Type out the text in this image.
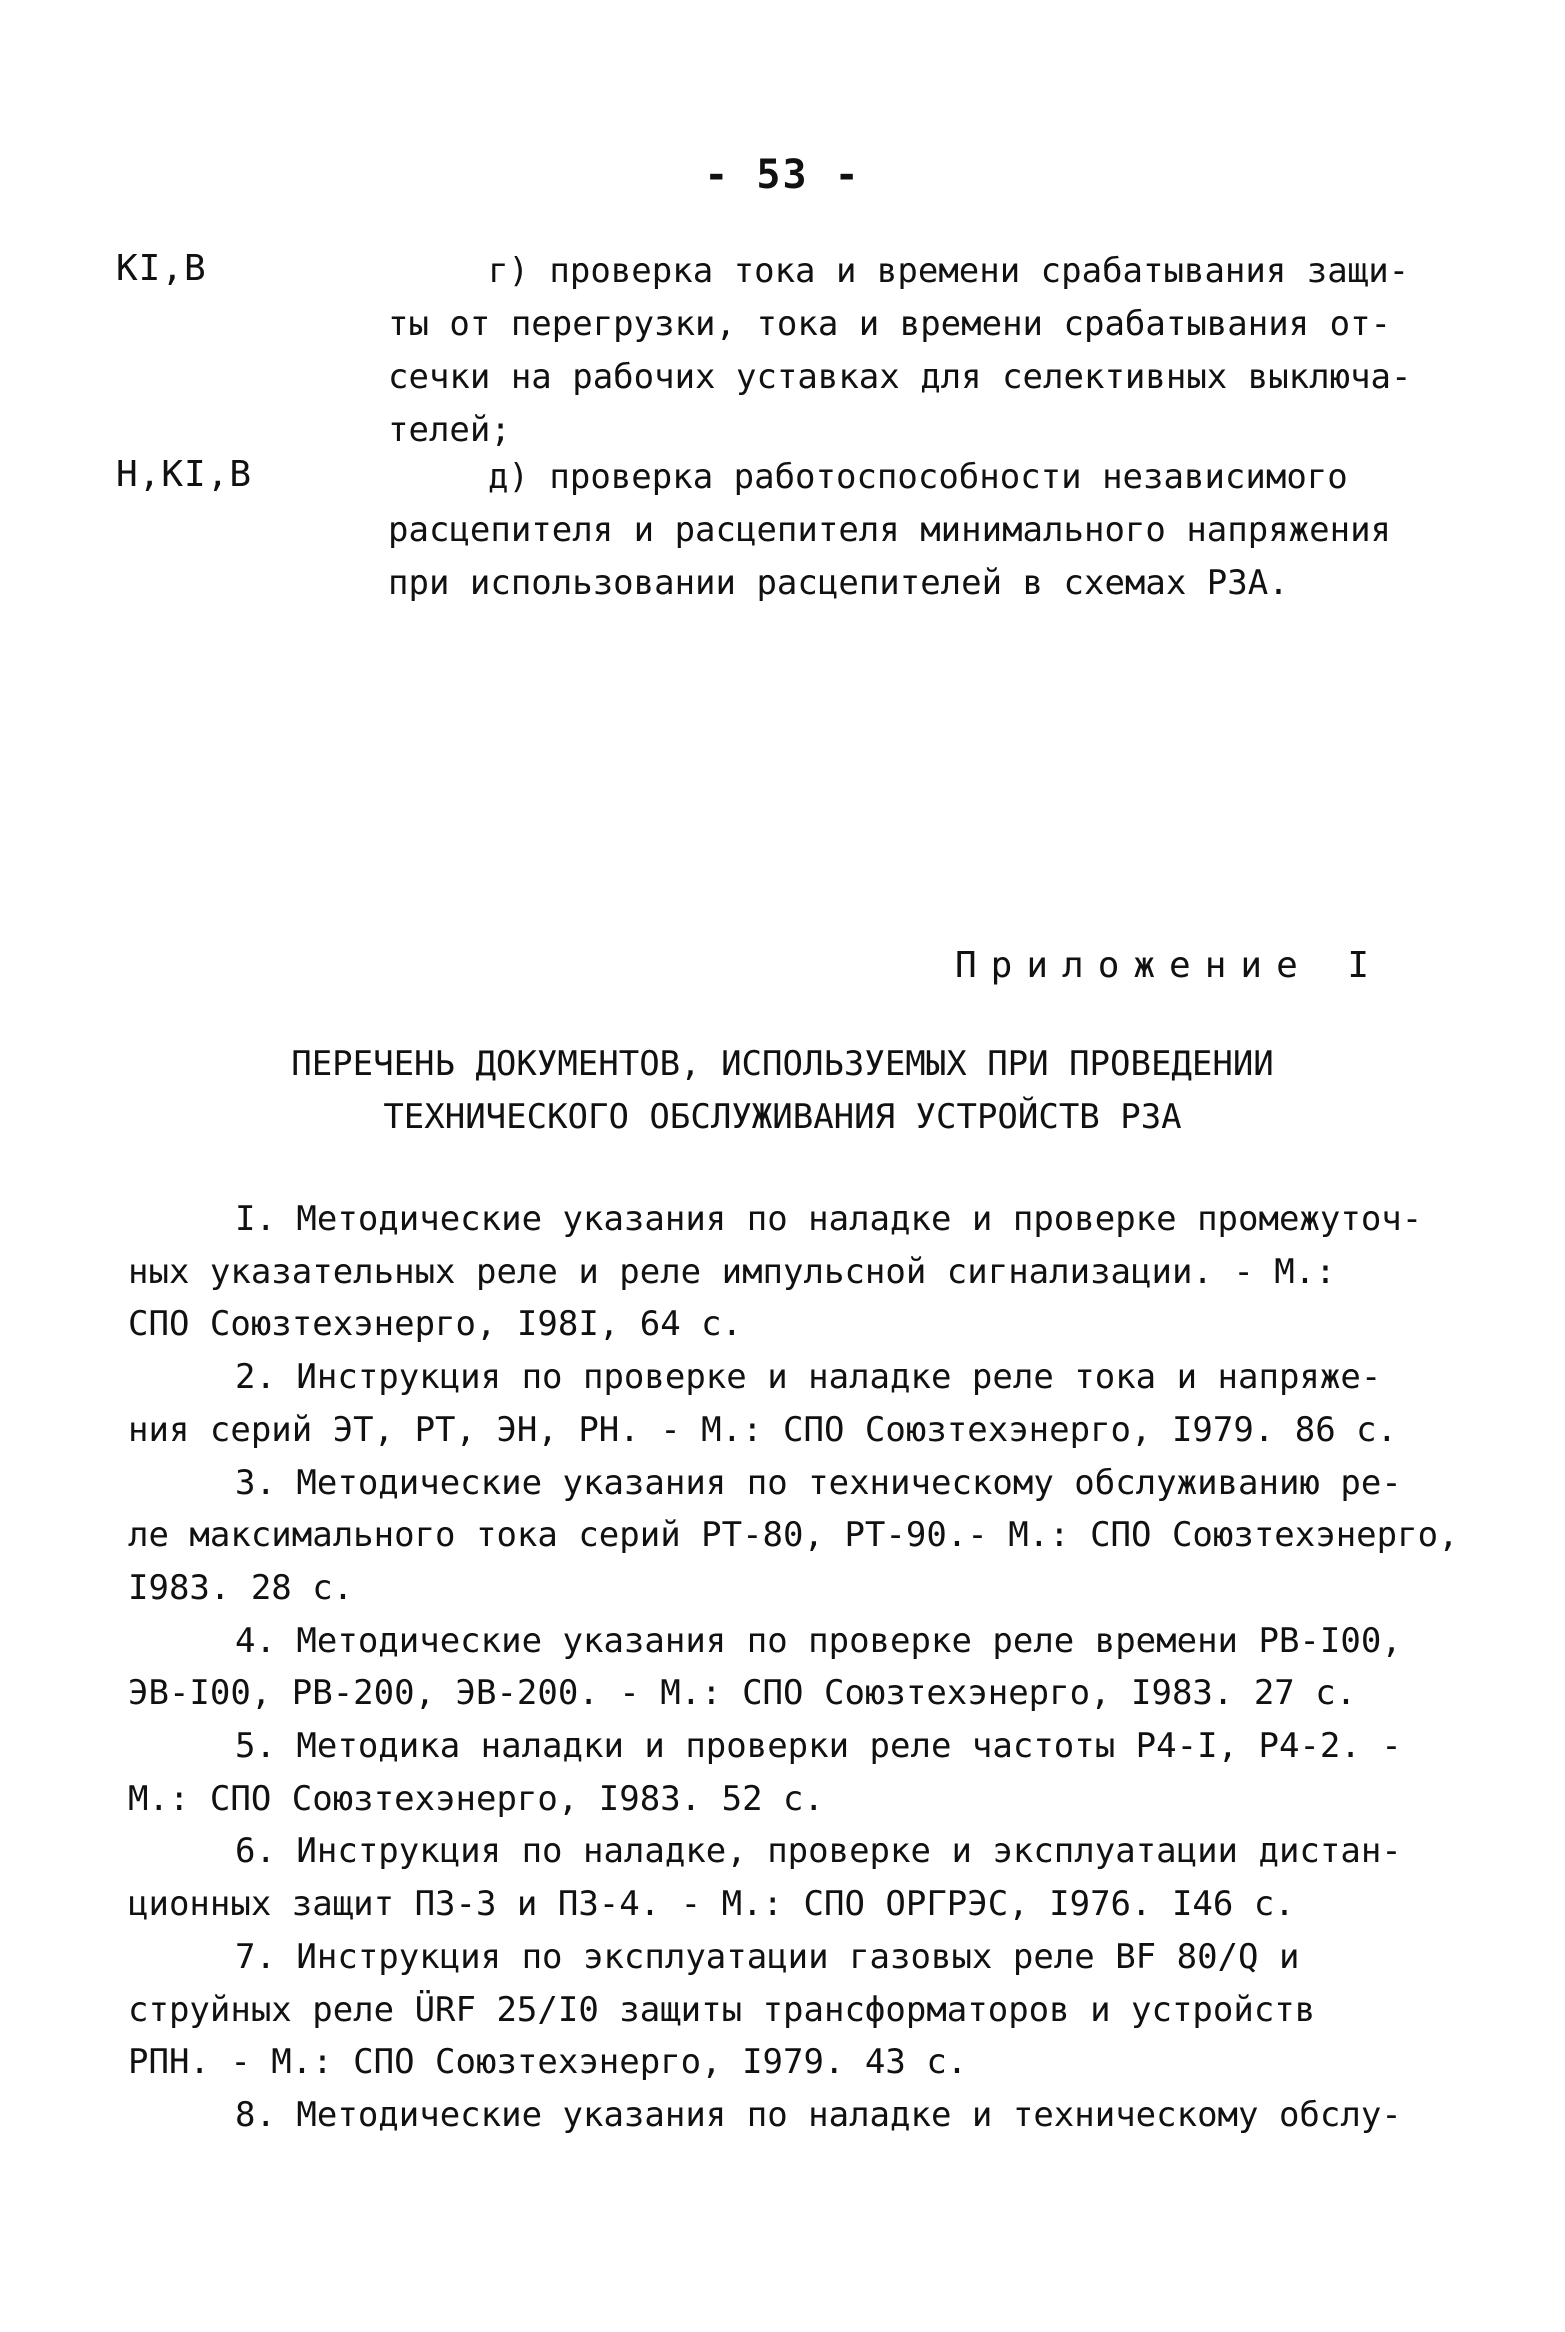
- 53 -
КI,В	г) проверка тока и времени срабатывания защи-
ты от перегрузки, тока и времени срабатывания от-
сечки на рабочих уставках для селективных выключа-
телей;
Н,КI,В	д) проверка работоспособности независимого
расцепителя и расцепителя минимального напряжения
при использовании расцепителей в схемах РЗА.
Приложение I
ПЕРЕЧЕНЬ ДОКУМЕНТОВ, ИСПОЛЬЗУЕМЫХ ПРИ ПРОВЕДЕНИИ
ТЕХНИЧЕСКОГО ОБСЛУЖИВАНИЯ УСТРОЙСТВ РЗА
I. Методические указания по наладке и проверке промежуточ-
ных указательных реле и реле импульсной сигнализации. - М.:
СПО Союзтехэнерго, I98I, 64 с.
2. Инструкция по проверке и наладке реле тока и напряже-
ния серий ЭТ, РТ, ЭН, РН. - М.: СПО Союзтехэнерго, I979. 86 с.
3. Методические указания по техническому обслуживанию ре-
ле максимального тока серий РТ-80, РТ-90.- М.: СПО Союзтехэнерго,
I983. 28 с.
4. Методические указания по проверке реле времени РВ-I00,
ЭВ-I00, РВ-200, ЭВ-200. - М.: СПО Союзтехэнерго, I983. 27 с.
5. Методика наладки и проверки реле частоты Р4-I, Р4-2. -
М.: СПО Союзтехэнерго, I983. 52 с.
6. Инструкция по наладке, проверке и эксплуатации дистан-
ционных защит ПЗ-3 и ПЗ-4. - М.: СПО ОРГРЭС, I976. I46 с.
7. Инструкция по эксплуатации газовых реле BF 80/Q и
струйных реле ÜRF 25/I0 защиты трансформаторов и устройств
РПН. - М.: СПО Союзтехэнерго, I979. 43 с.
8. Методические указания по наладке и техническому обслу-
